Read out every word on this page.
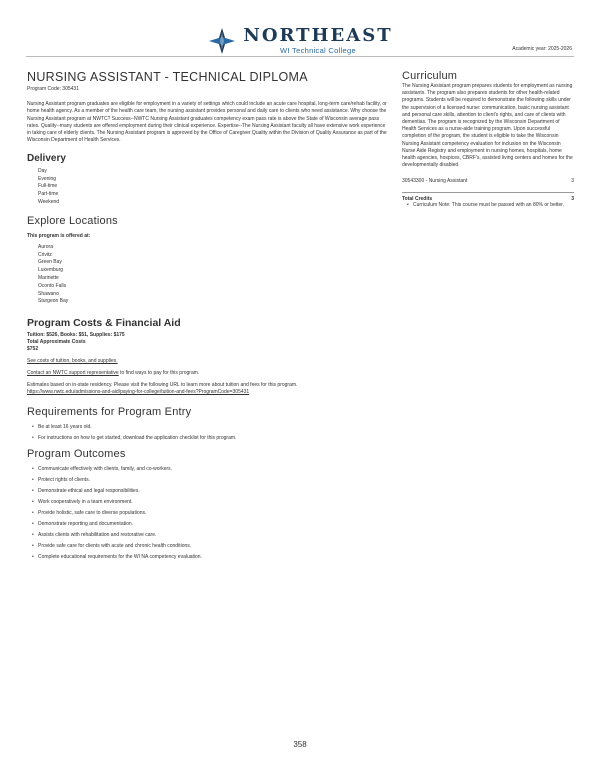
NORTHEAST
WI Technical College	Academic year: 2025-2026
NURSING ASSISTANT - TECHNICAL DIPLOMA
Program Code: 305431

Nursing Assistant program graduates are eligible for employment in a variety of settings which could include an acute care hospital, long-term care/rehab facility, or home health agency. As a member of the health care team, the nursing assistant provides personal and daily care to clients who need assistance. Why choose the Nursing Assistant program at NWTC? Success--NWTC Nursing Assistant graduates competency exam pass rate is above the State of Wisconsin average pass rates. Quality--many students are offered employment during their clinical experience. Expertise--The Nursing Assistant faculty all have extensive work experience in taking care of elderly clients. The Nursing Assistant program is approved by the Office of Caregiver Quality within the Division of Quality Assurance as part of the Wisconsin Department of Health Services.

Delivery
Day
Evening
Full-time
Part-time
Weekend
Explore Locations
This program is offered at:
Aurora
Crivitz
Green Bay
Luxemburg
Marinette
Oconto Falls
Shawano
Sturgeon Bay
Program Costs & Financial Aid
Tuition: $526, Books: $51, Supplies: $175
Total Approximate Costs
$752

See costs of tuition, books, and supplies.

Contact an NWTC support representative to find ways to pay for this program.

Estimates based on in-state residency. Please visit the following URL to learn more about tuition and fees for this program.

https://www.nwtc.edu/admissions-and-aid/paying-for-college/tuition-and-fees?ProgramCode=305431

Requirements for Program Entry
• Be at least 16 years old.
• For instructions on how to get started, download the application checklist for this program.
Program Outcomes
• Communicate effectively with clients, family, and co-workers.
• Protect rights of clients.
• Demonstrate ethical and legal responsibilities.
• Work cooperatively in a team environment.
• Provide holistic, safe care to diverse populations.
• Demonstrate reporting and documentation.
• Assists clients with rehabilitation and restorative care.
• Provide safe care for clients with acute and chronic health conditions.
• Complete educational requirements for the WI NA competency evaluation.
Curriculum

The Nursing Assistant program prepares students for employment as nursing assistants. The program also prepares students for other health-related programs. Students will be required to demonstrate the following skills under the supervision of a licensed nurse: communication, basic nursing assistant and personal care skills, attention to client's rights, and care of clients with dementias. The program is recognized by the Wisconsin Department of Health Services as a nurse-aide training program. Upon successful completion of the program, the student is eligible to take the Wisconsin Nursing Assistant competency evaluation for inclusion on the Wisconsin Nurse Aide Registry and employment in nursing homes, hospitals, home health agencies, hospices, CBRF's, assisted living centers and homes for the developmentally disabled.

30543300 - Nursing Assistant	3
Total Credits	3
• Curriculum Note: This course must be passed with an 80% or better.
358
